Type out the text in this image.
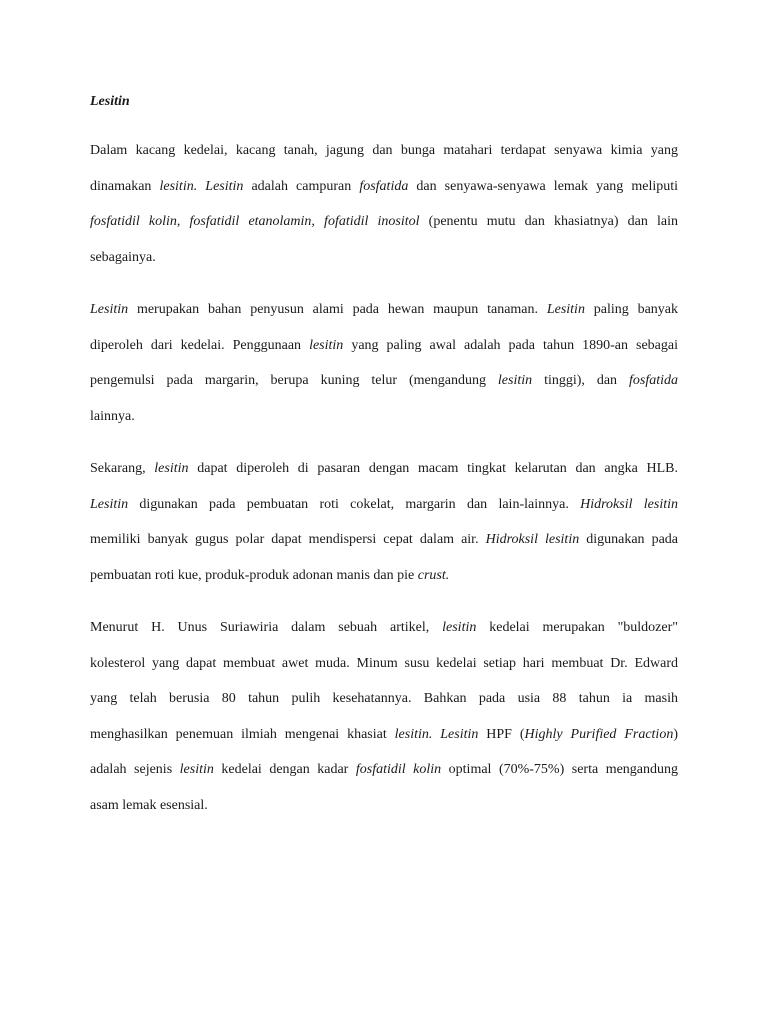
Lesitin
Dalam kacang kedelai, kacang tanah, jagung dan bunga matahari terdapat senyawa kimia yang
dinamakan lesitin. Lesitin adalah campuran fosfatida dan senyawa-senyawa lemak yang meliputi
fosfatidil kolin, fosfatidil etanolamin, fofatidil inositol (penentu mutu dan khasiatnya) dan lain
sebagainya.
Lesitin merupakan bahan penyusun alami pada hewan maupun tanaman. Lesitin paling banyak
diperoleh dari kedelai. Penggunaan lesitin yang paling awal adalah pada tahun 1890-an sebagai
pengemulsi pada margarin, berupa kuning telur (mengandung lesitin tinggi), dan fosfatida
lainnya.
Sekarang, lesitin dapat diperoleh di pasaran dengan macam tingkat kelarutan dan angka HLB.
Lesitin digunakan pada pembuatan roti cokelat, margarin dan lain-lainnya. Hidroksil lesitin
memiliki banyak gugus polar dapat mendispersi cepat dalam air. Hidroksil lesitin digunakan pada
pembuatan roti kue, produk-produk adonan manis dan pie crust.
Menurut H. Unus Suriawiria dalam sebuah artikel, lesitin kedelai merupakan "buldozer"
kolesterol yang dapat membuat awet muda. Minum susu kedelai setiap hari membuat Dr. Edward
yang telah berusia 80 tahun pulih kesehatannya. Bahkan pada usia 88 tahun ia masih
menghasilkan penemuan ilmiah mengenai khasiat lesitin. Lesitin HPF (Highly Purified Fraction)
adalah sejenis lesitin kedelai dengan kadar fosfatidil kolin optimal (70%-75%) serta mengandung
asam lemak esensial.
